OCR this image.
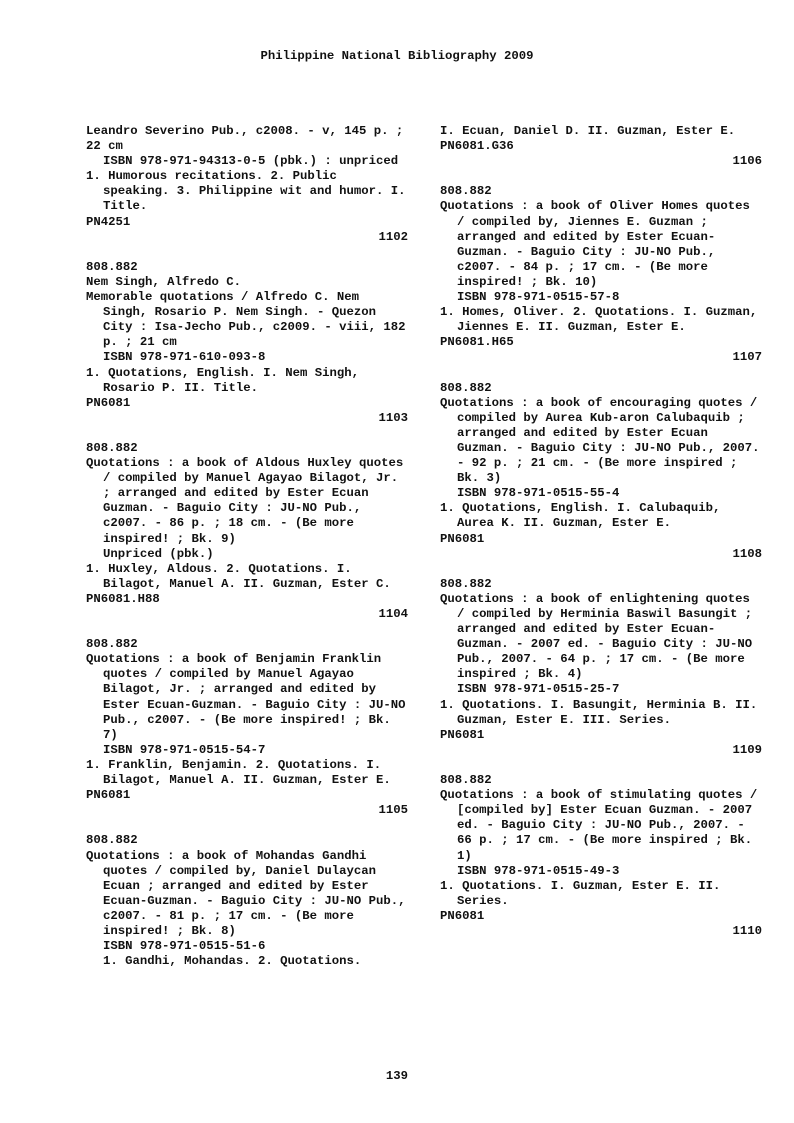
Philippine National Bibliography 2009
Leandro Severino Pub., c2008. - v, 145 p. ; 22 cm
ISBN 978-971-94313-0-5 (pbk.) : unpriced
1. Humorous recitations. 2. Public speaking. 3. Philippine wit and humor. I. Title.
PN4251
1102
808.882
Nem Singh, Alfredo C.
Memorable quotations / Alfredo C. Nem Singh, Rosario P. Nem Singh. - Quezon City : Isa-Jecho Pub., c2009. - viii, 182 p. ; 21 cm
ISBN 978-971-610-093-8
1. Quotations, English. I. Nem Singh, Rosario P. II. Title.
PN6081
1103
808.882
Quotations : a book of Aldous Huxley quotes / compiled by Manuel Agayao Bilagot, Jr. ; arranged and edited by Ester Ecuan Guzman. - Baguio City : JU-NO Pub., c2007. - 86 p. ; 18 cm. - (Be more inspired! ; Bk. 9)
Unpriced (pbk.)
1. Huxley, Aldous. 2. Quotations. I. Bilagot, Manuel A. II. Guzman, Ester C.
PN6081.H88
1104
808.882
Quotations : a book of Benjamin Franklin quotes / compiled by Manuel Agayao Bilagot, Jr. ; arranged and edited by Ester Ecuan-Guzman. - Baguio City : JU-NO Pub., c2007. - (Be more inspired! ; Bk. 7)
ISBN 978-971-0515-54-7
1. Franklin, Benjamin. 2. Quotations. I. Bilagot, Manuel A. II. Guzman, Ester E.
PN6081
1105
808.882
Quotations : a book of Mohandas Gandhi quotes / compiled by, Daniel Dulaycan Ecuan ; arranged and edited by Ester Ecuan-Guzman. - Baguio City : JU-NO Pub., c2007. - 81 p. ; 17 cm. - (Be more inspired! ; Bk. 8)
ISBN 978-971-0515-51-6
1. Gandhi, Mohandas. 2. Quotations.
I. Ecuan, Daniel D. II. Guzman, Ester E.
PN6081.G36
1106
808.882
Quotations : a book of Oliver Homes quotes / compiled by, Jiennes E. Guzman ; arranged and edited by Ester Ecuan-Guzman. - Baguio City : JU-NO Pub., c2007. - 84 p. ; 17 cm. - (Be more inspired! ; Bk. 10)
ISBN 978-971-0515-57-8
1. Homes, Oliver. 2. Quotations. I. Guzman, Jiennes E. II. Guzman, Ester E.
PN6081.H65
1107
808.882
Quotations : a book of encouraging quotes / compiled by Aurea Kub-aron Calubaquib ; arranged and edited by Ester Ecuan Guzman. - Baguio City : JU-NO Pub., 2007. - 92 p. ; 21 cm. - (Be more inspired ; Bk. 3)
ISBN 978-971-0515-55-4
1. Quotations, English. I. Calubaquib, Aurea K. II. Guzman, Ester E.
PN6081
1108
808.882
Quotations : a book of enlightening quotes / compiled by Herminia Baswil Basungit ; arranged and edited by Ester Ecuan-Guzman. - 2007 ed. - Baguio City : JU-NO Pub., 2007. - 64 p. ; 17 cm. - (Be more inspired ; Bk. 4)
ISBN 978-971-0515-25-7
1. Quotations. I. Basungit, Herminia B. II. Guzman, Ester E. III. Series.
PN6081
1109
808.882
Quotations : a book of stimulating quotes / [compiled by] Ester Ecuan Guzman. - 2007 ed. - Baguio City : JU-NO Pub., 2007. - 66 p. ; 17 cm. - (Be more inspired ; Bk. 1)
ISBN 978-971-0515-49-3
1. Quotations. I. Guzman, Ester E. II. Series.
PN6081
1110
139
